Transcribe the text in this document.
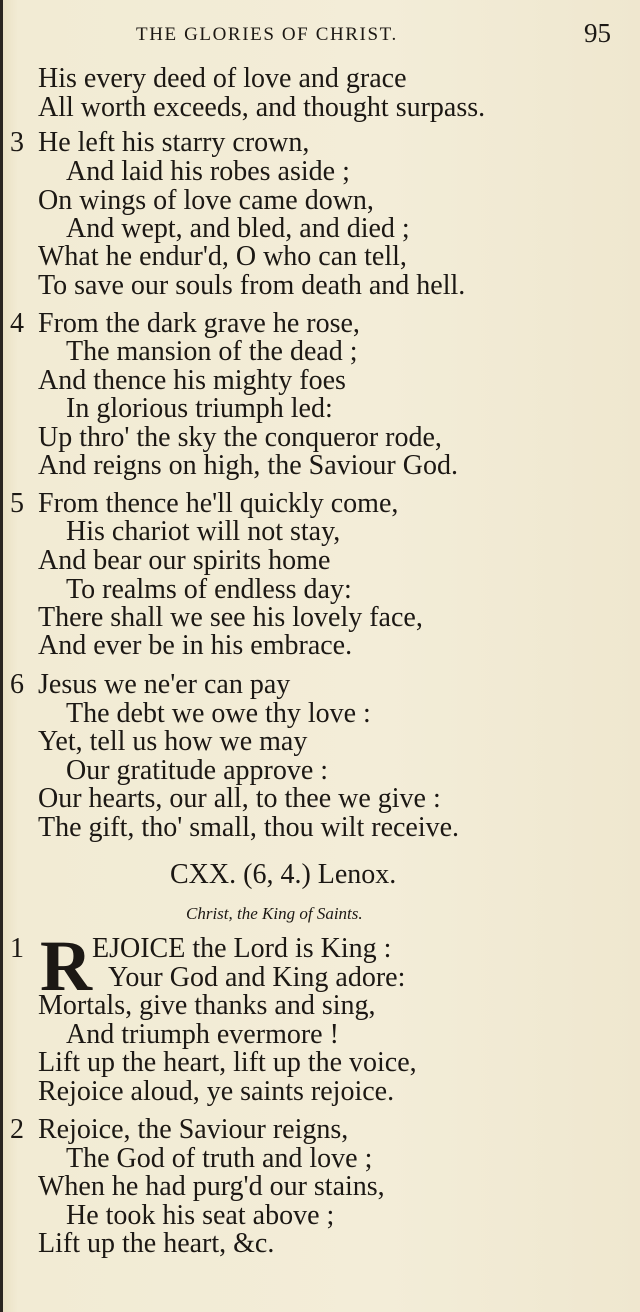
THE GLORIES OF CHRIST.	95
His every deed of love and grace
All worth exceeds, and thought surpass.
3 He left his starry crown,
And laid his robes aside ;
On wings of love came down,
And wept, and bled, and died ;
What he endur'd, O who can tell,
To save our souls from death and hell.
4 From the dark grave he rose,
The mansion of the dead ;
And thence his mighty foes
In glorious triumph led:
Up thro' the sky the conqueror rode,
And reigns on high, the Saviour God.
5 From thence he'll quickly come,
His chariot will not stay,
And bear our spirits home
To realms of endless day:
There shall we see his lovely face,
And ever be in his embrace.
6 Jesus we ne'er can pay
The debt we owe thy love :
Yet, tell us how we may
Our gratitude approve :
Our hearts, our all, to thee we give :
The gift, tho' small, thou wilt receive.
CXX. (6, 4.) Lenox.
Christ, the King of Saints.
1 R EJOICE the Lord is King :
Your God and King adore:
Mortals, give thanks and sing,
And triumph evermore !
Lift up the heart, lift up the voice,
Rejoice aloud, ye saints rejoice.
2 Rejoice, the Saviour reigns,
The God of truth and love ;
When he had purg'd our stains,
He took his seat above ;
Lift up the heart, &c.
